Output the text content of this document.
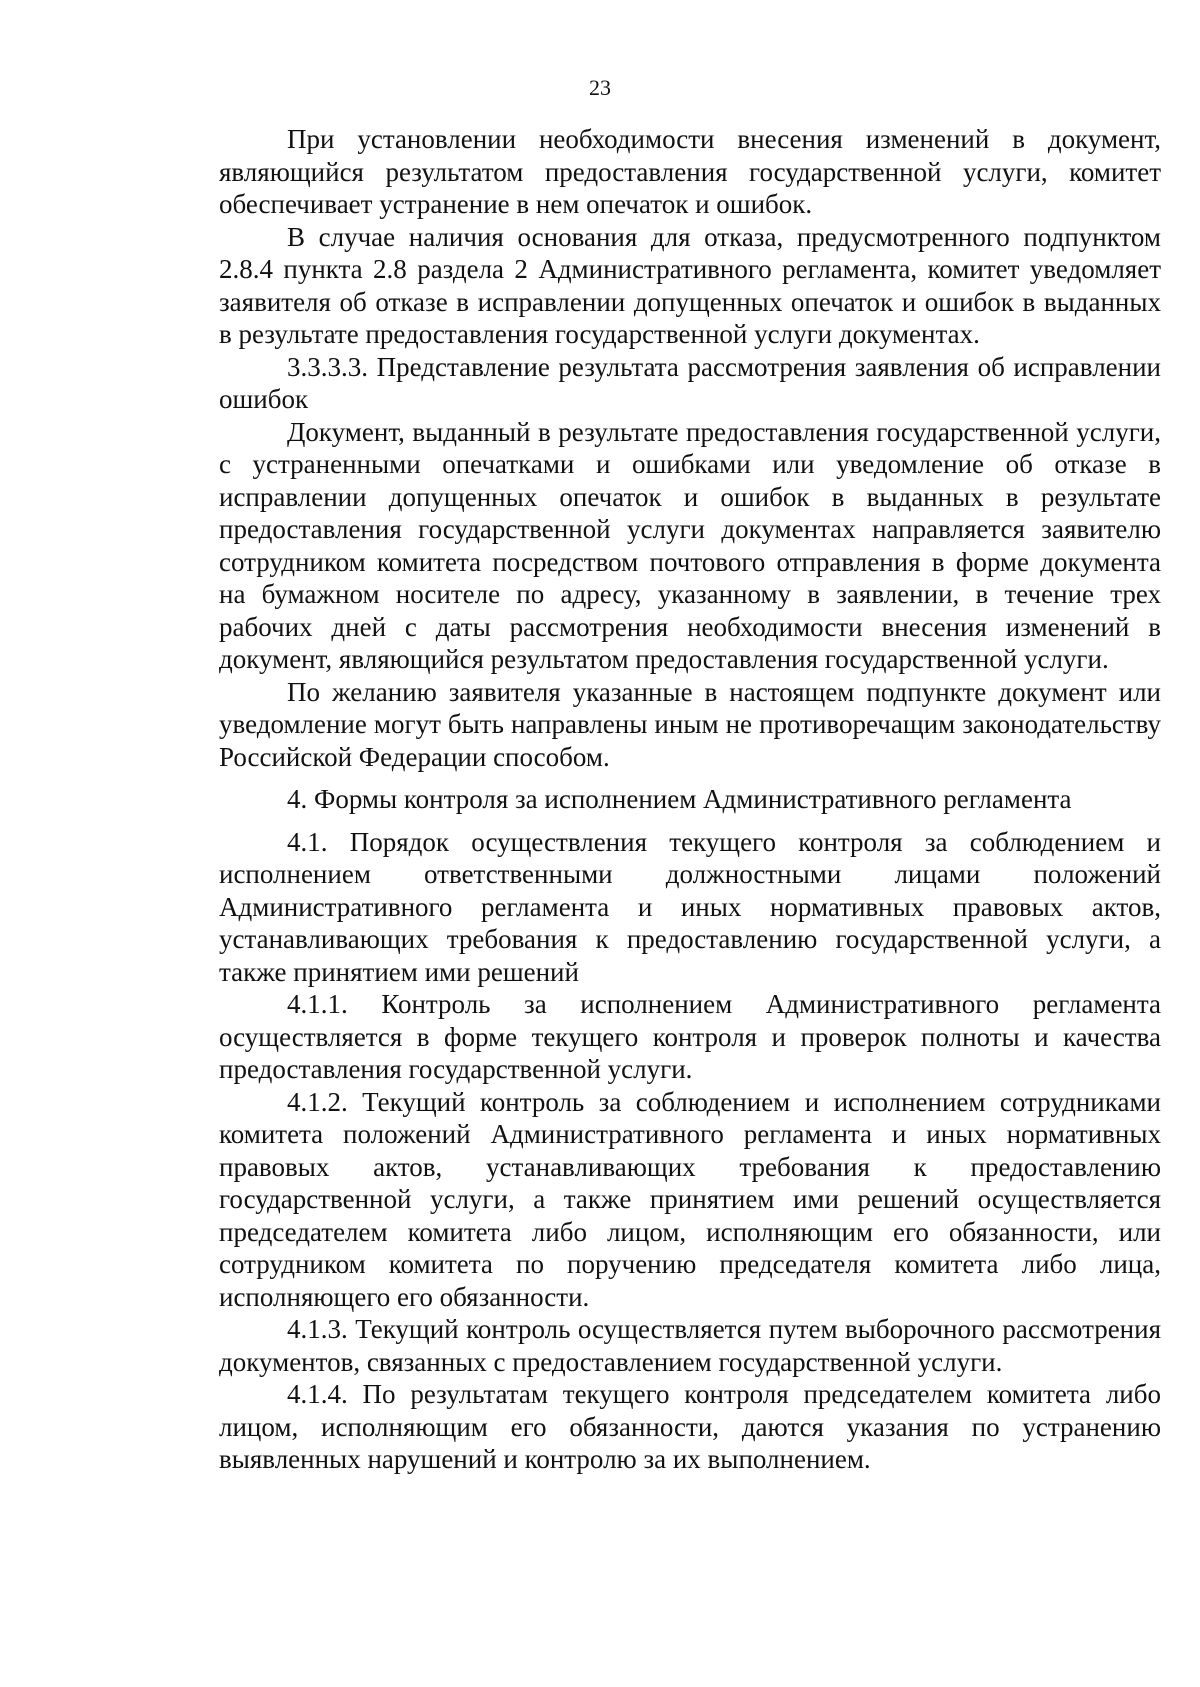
23

При установлении необходимости внесения изменений в документ, являющийся результатом предоставления государственной услуги, комитет обеспечивает устранение в нем опечаток и ошибок.

В случае наличия основания для отказа, предусмотренного подпунктом 2.8.4 пункта 2.8 раздела 2 Административного регламента, комитет уведомляет заявителя об отказе в исправлении допущенных опечаток и ошибок в выданных в результате предоставления государственной услуги документах.

3.3.3.3. Представление результата рассмотрения заявления об исправлении ошибок

Документ, выданный в результате предоставления государственной услуги, с устраненными опечатками и ошибками или уведомление об отказе в исправлении допущенных опечаток и ошибок в выданных в результате предоставления государственной услуги документах направляется заявителю сотрудником комитета посредством почтового отправления в форме документа на бумажном носителе по адресу, указанному в заявлении, в течение трех рабочих дней с даты рассмотрения необходимости внесения изменений в документ, являющийся результатом предоставления государственной услуги.

По желанию заявителя указанные в настоящем подпункте документ или уведомление могут быть направлены иным не противоречащим законодательству Российской Федерации способом.

4. Формы контроля за исполнением Административного регламента

4.1. Порядок осуществления текущего контроля за соблюдением и исполнением ответственными должностными лицами положений Административного регламента и иных нормативных правовых актов, устанавливающих требования к предоставлению государственной услуги, а также принятием ими решений

4.1.1. Контроль за исполнением Административного регламента осуществляется в форме текущего контроля и проверок полноты и качества предоставления государственной услуги.

4.1.2. Текущий контроль за соблюдением и исполнением сотрудниками комитета положений Административного регламента и иных нормативных правовых актов, устанавливающих требования к предоставлению государственной услуги, а также принятием ими решений осуществляется председателем комитета либо лицом, исполняющим его обязанности, или сотрудником комитета по поручению председателя комитета либо лица, исполняющего его обязанности.

4.1.3. Текущий контроль осуществляется путем выборочного рассмотрения документов, связанных с предоставлением государственной услуги.

4.1.4. По результатам текущего контроля председателем комитета либо лицом, исполняющим его обязанности, даются указания по устранению выявленных нарушений и контролю за их выполнением.
